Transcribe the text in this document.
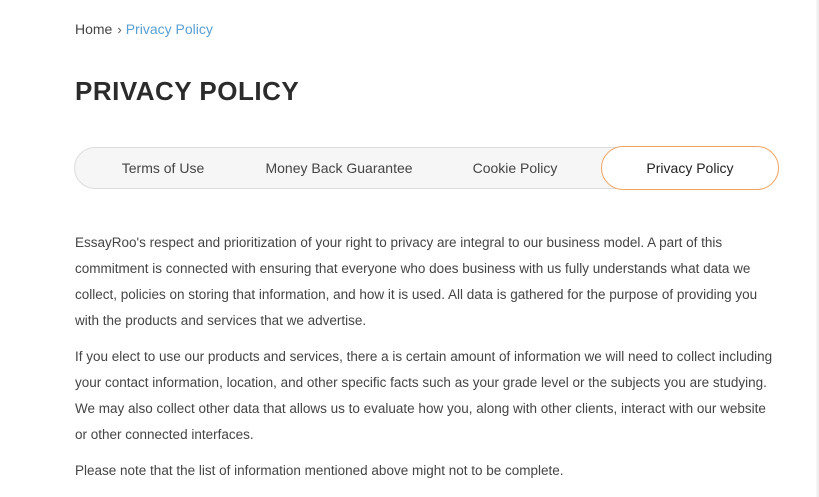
Home › Privacy Policy
PRIVACY POLICY
Terms of Use	Money Back Guarantee	Cookie Policy	Privacy Policy

EssayRoo's respect and prioritization of your right to privacy are integral to our business model. A part of this commitment is connected with ensuring that everyone who does business with us fully understands what data we collect, policies on storing that information, and how it is used. All data is gathered for the purpose of providing you with the products and services that we advertise.

If you elect to use our products and services, there a is certain amount of information we will need to collect including your contact information, location, and other specific facts such as your grade level or the subjects you are studying. We may also collect other data that allows us to evaluate how you, along with other clients, interact with our website or other connected interfaces.

Please note that the list of information mentioned above might not to be complete.
